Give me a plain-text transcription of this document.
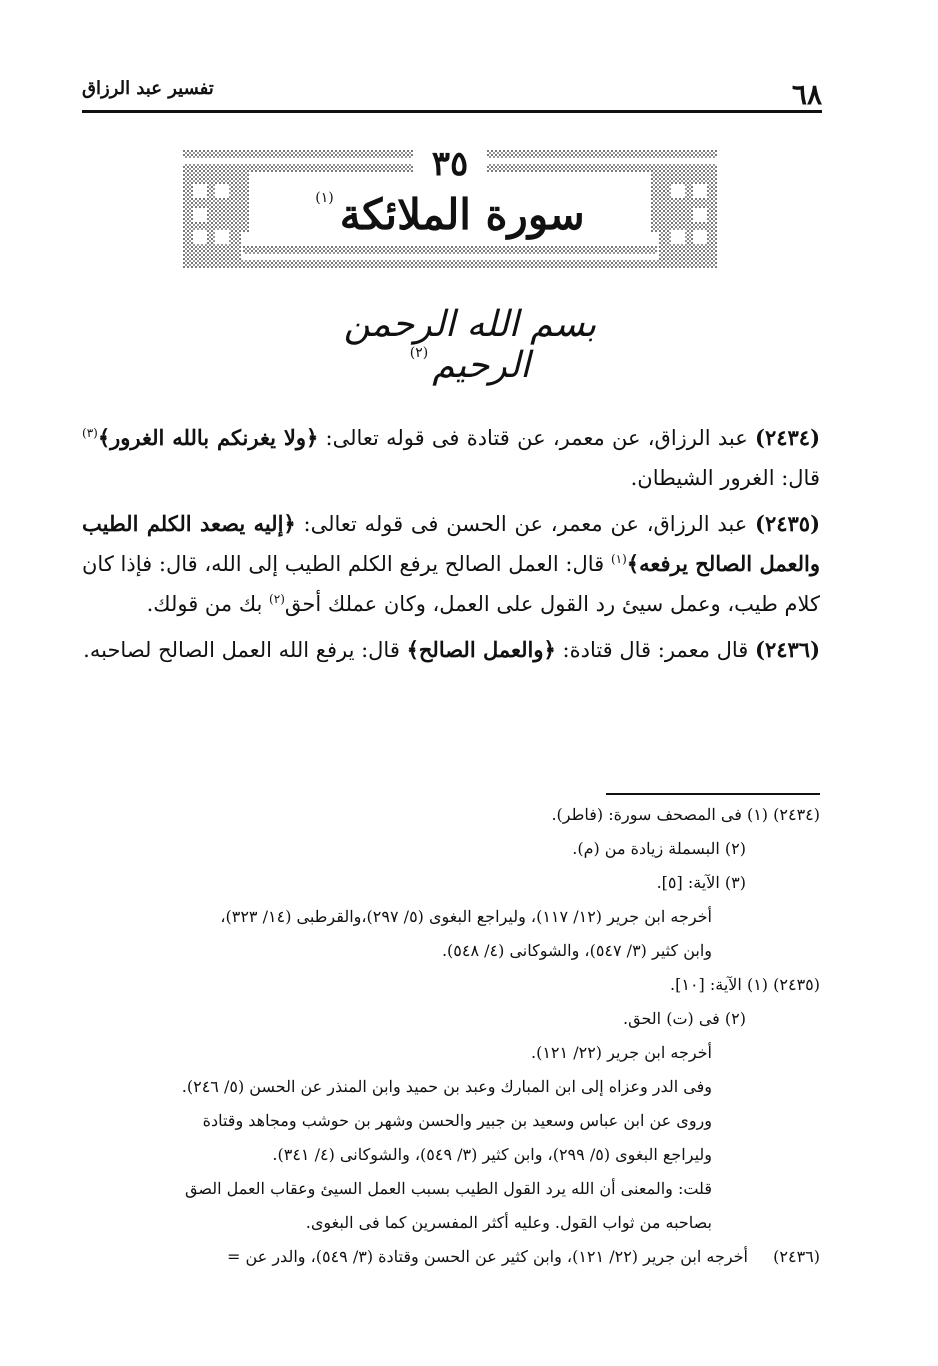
٦٨
تفسير عبد الرزاق
٣٥
سورة الملائكة(١)
بسم الله الرحمن الرحيم(٢)

(٢٤٣٤) عبد الرزاق، عن معمر، عن قتادة فى قوله تعالى: ﴿ولا يغرنكم بالله الغرور﴾$^{(٣)}$ قال: الغرور الشيطان.

(٢٤٣٥) عبد الرزاق، عن معمر، عن الحسن فى قوله تعالى: ﴿إليه يصعد الكلم الطيب والعمل الصالح يرفعه﴾$^{(١)}$ قال: العمل الصالح يرفع الكلم الطيب إلى الله، قال: فإذا كان كلام طيب، وعمل سيئ رد القول على العمل، وكان عملك أحق$^{(٢)}$ بك من قولك.

(٢٤٣٦) قال معمر: قال قتادة: ﴿والعمل الصالح﴾ قال: يرفع الله العمل الصالح لصاحبه.

(٢٤٣٤) (١) فى المصحف سورة: (فاطر).
(٢) البسملة زيادة من (م).
(٣) الآية: [٥].
أخرجه ابن جرير (١٢/ ١١٧)، وليراجع البغوى (٥/ ٢٩٧)،والقرطبى (١٤/ ٣٢٣)،
وابن كثير (٣/ ٥٤٧)، والشوكانى (٤/ ٥٤٨).
(٢٤٣٥) (١) الآية: [١٠].
(٢) فى (ت) الحق.
أخرجه ابن جرير (٢٢/ ١٢١).
وفى الدر وعزاه إلى ابن المبارك وعبد بن حميد وابن المنذر عن الحسن (٥/ ٢٤٦).
وروى عن ابن عباس وسعيد بن جبير والحسن وشهر بن حوشب ومجاهد وقتادة
وليراجع البغوى (٥/ ٢٩٩)، وابن كثير (٣/ ٥٤٩)، والشوكانى (٤/ ٣٤١).
قلت: والمعنى أن الله يرد القول الطيب بسبب العمل السيئ وعقاب العمل الصق
بصاحبه من ثواب القول. وعليه أكثر المفسرين كما فى البغوى.
(٢٤٣٦)أخرجه ابن جرير (٢٢/ ١٢١)، وابن كثير عن الحسن وقتادة (٣/ ٥٤٩)، والدر عن =
